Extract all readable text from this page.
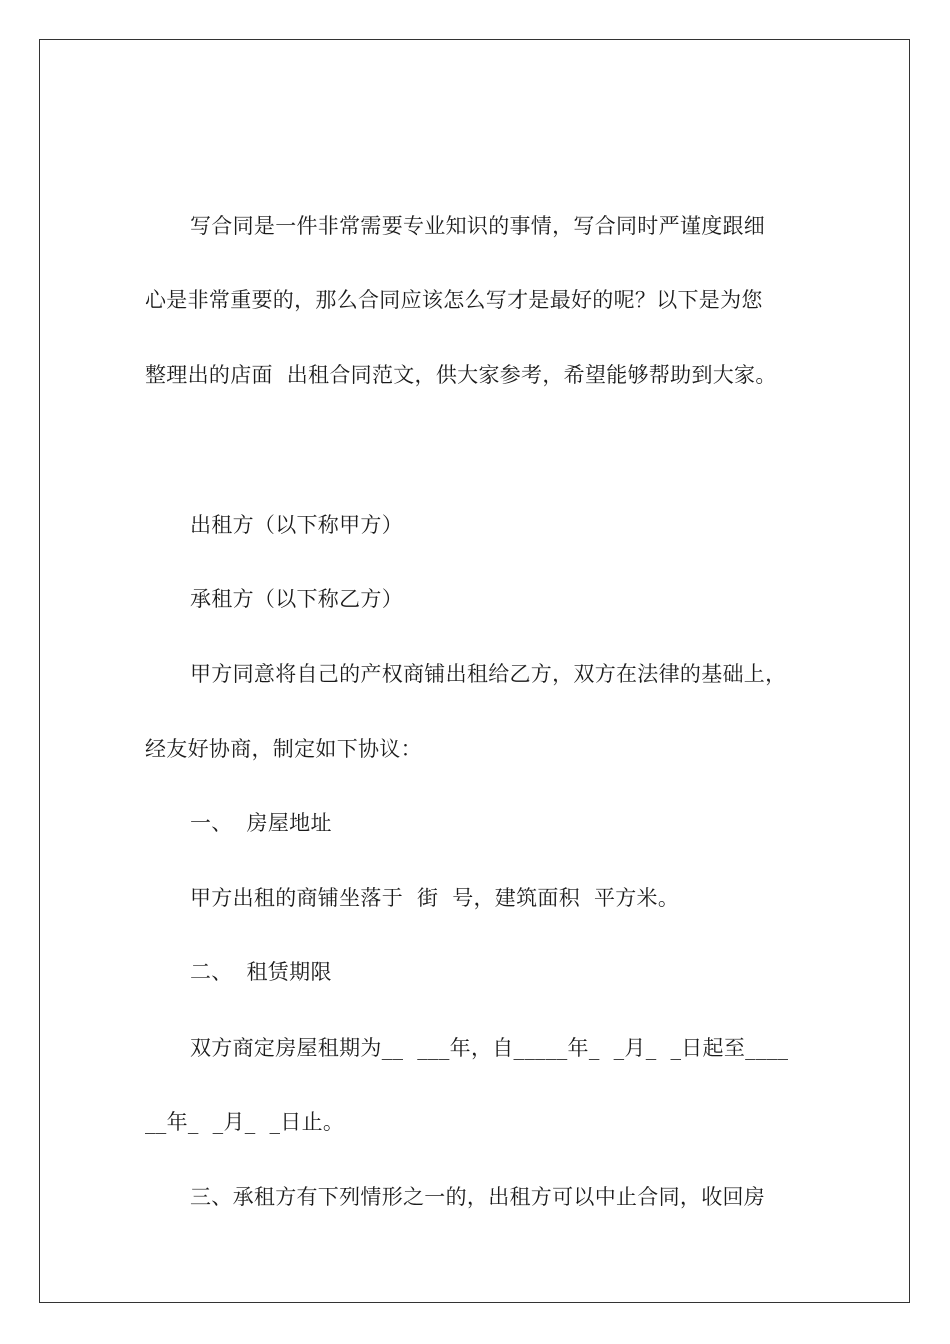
写合同是一件非常需要专业知识的事情，写合同时严谨度跟细
心是非常重要的，那么合同应该怎么写才是最好的呢？以下是为您
整理出的店面  出租合同范文，供大家参考，希望能够帮助到大家。
出租方（以下称甲方）
承租方（以下称乙方）
甲方同意将自己的产权商铺出租给乙方，双方在法律的基础上，
经友好协商，制定如下协议：
一、  房屋地址
甲方出租的商铺坐落于  街  号，建筑面积  平方米。
二、  租赁期限
双方商定房屋租期为__  ___年，自_____年_  _月_  _日起至____
__年_  _月_  _日止。
三、承租方有下列情形之一的，出租方可以中止合同，收回房
